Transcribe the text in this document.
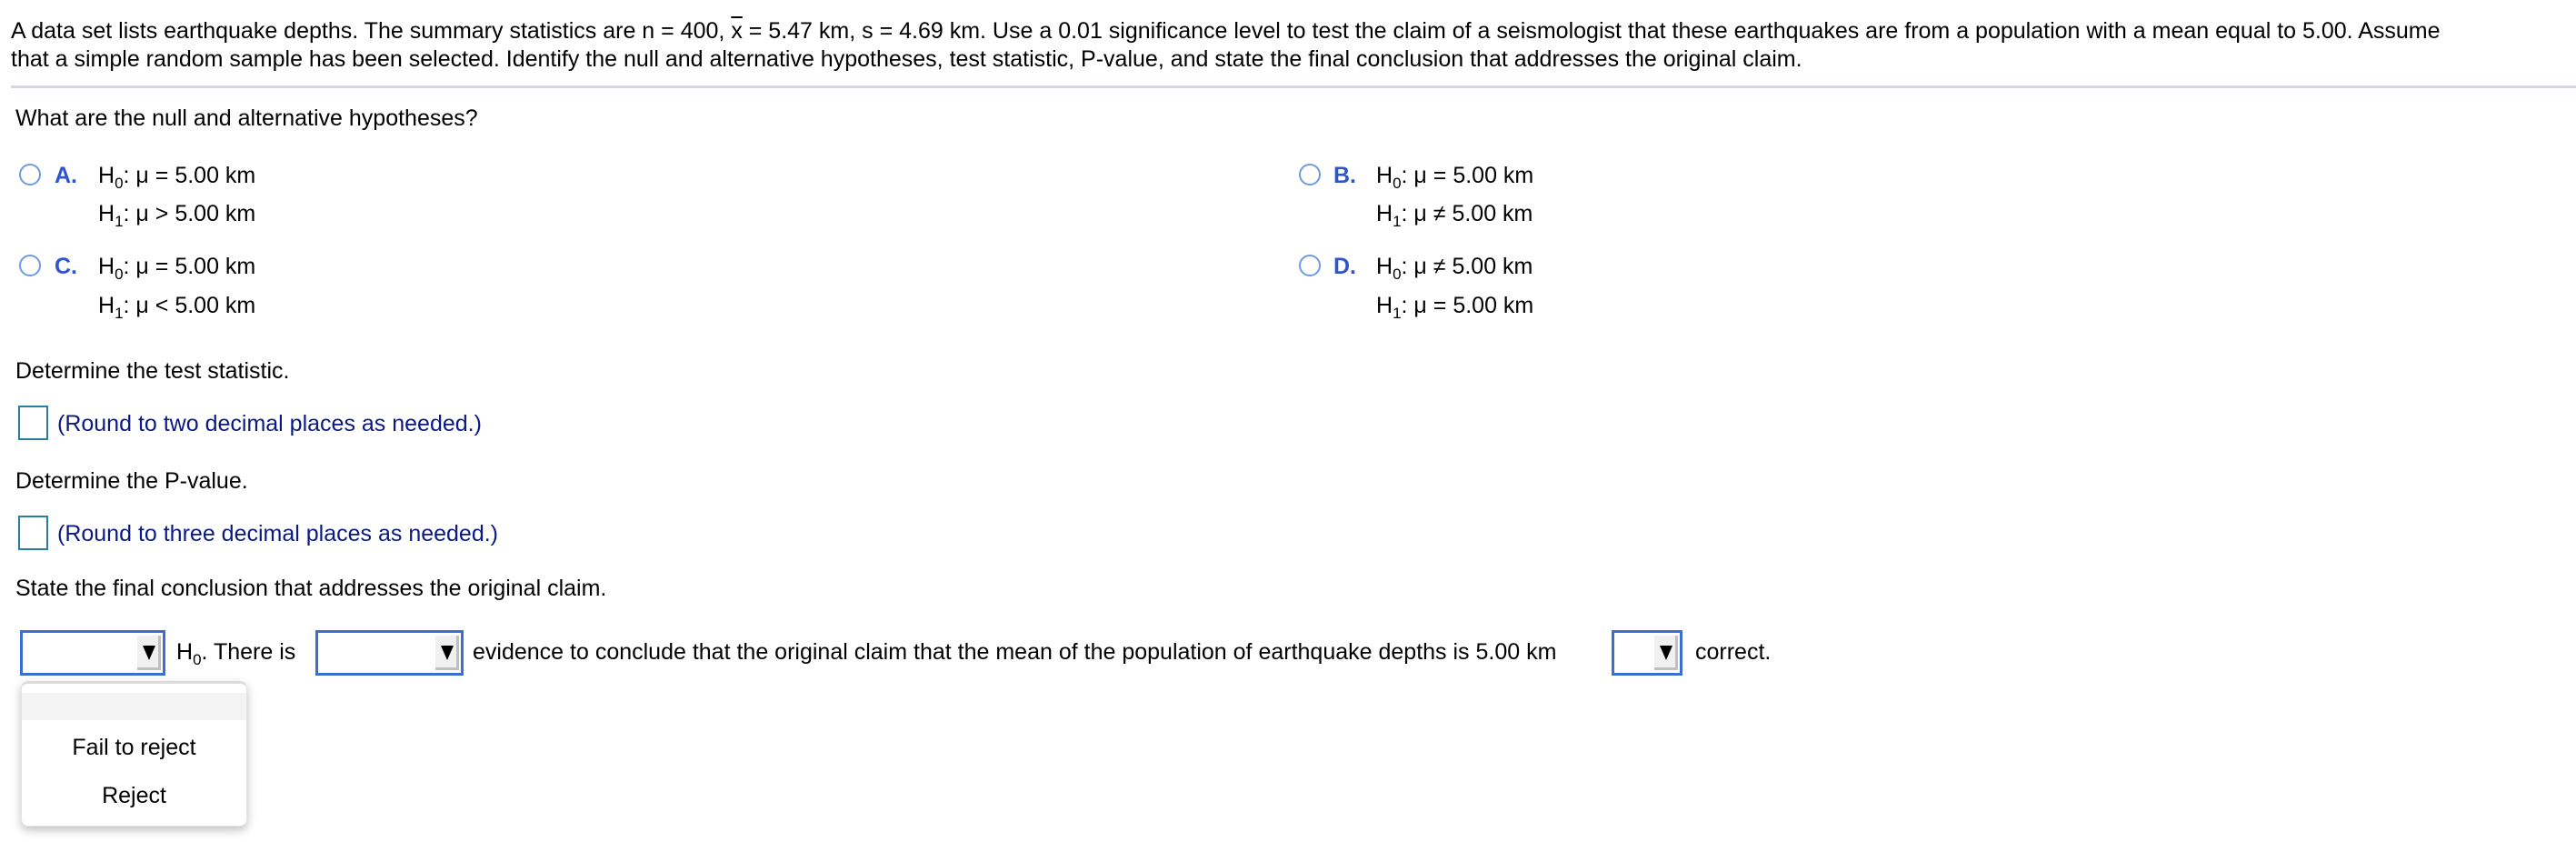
A data set lists earthquake depths. The summary statistics are n = 400, $\overline{x} = 5.47$ km, s = 4.69 km. Use a 0.01 significance level to test the claim of a seismologist that these earthquakes are from a population with a mean equal to 5.00. Assume
that a simple random sample has been selected. Identify the null and alternative hypotheses, test statistic, P-value, and state the final conclusion that addresses the original claim.
What are the null and alternative hypotheses?
A. $H_0$: μ = 5.00 km
$H_1$: μ > 5.00 km
B. $H_0$: μ = 5.00 km
$H_1$: μ ≠ 5.00 km
C. $H_0$: μ = 5.00 km
$H_1$: μ < 5.00 km
D. $H_0$: μ ≠ 5.00 km
$H_1$: μ = 5.00 km
Determine the test statistic.
(Round to two decimal places as needed.)
Determine the P-value.
(Round to three decimal places as needed.)
State the final conclusion that addresses the original claim.
$H_0$. There is	evidence to conclude that the original claim that the mean of the population of earthquake depths is 5.00 km	correct.
Fail to reject
Reject
